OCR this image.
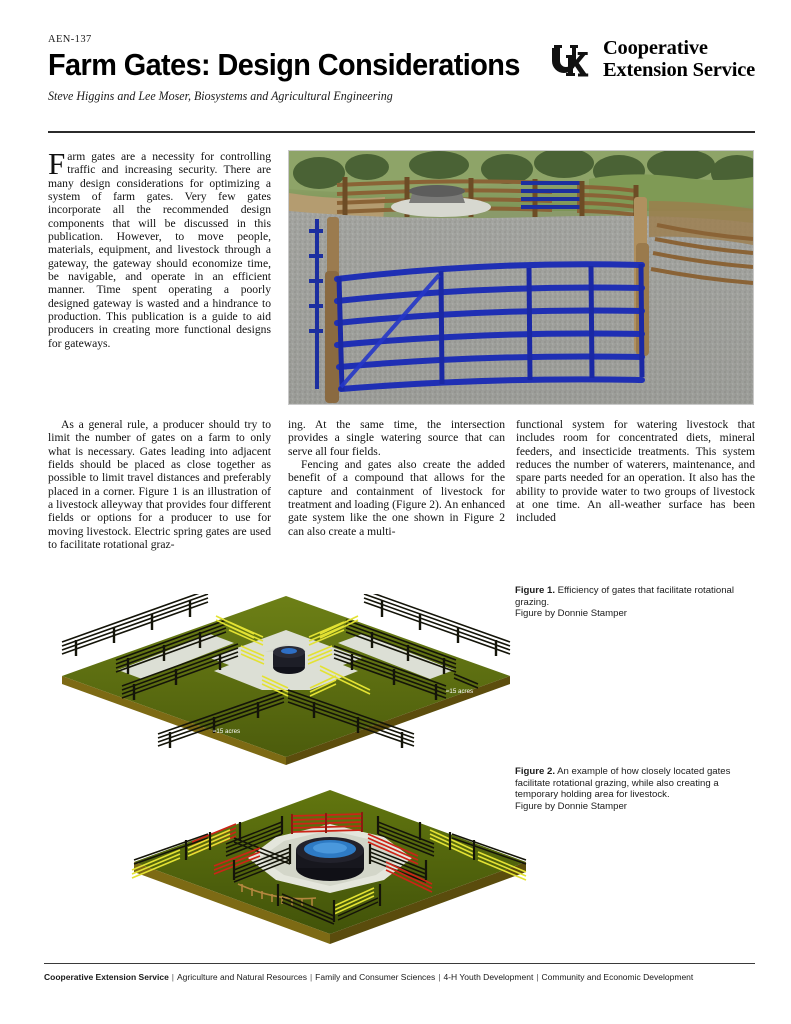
AEN-137
Farm Gates: Design Considerations
Steve Higgins and Lee Moser, Biosystems and Agricultural Engineering
Cooperative
Extension Service

Farm gates are a necessity for controlling traffic and increasing security. There are many design considerations for optimizing a system of farm gates. Very few gates incorporate all the recommended design components that will be discussed in this publication. However, to move people, materials, equipment, and livestock through a gateway, the gateway should economize time, be navigable, and operate in an efficient manner. Time spent operating a poorly designed gateway is wasted and a hindrance to production. This publication is a guide to aid producers in creating more functional designs for gateways.

As a general rule, a producer should try to limit the number of gates on a farm to only what is necessary. Gates leading into adjacent fields should be placed as close together as possible to limit travel distances and preferably placed in a corner. Figure 1 is an illustration of a livestock alleyway that provides four different fields or options for a producer to use for moving livestock. Electric spring gates are used to facilitate rotational graz-

ing. At the same time, the intersection provides a single watering source that can serve all four fields.

Fencing and gates also create the added benefit of a compound that allows for the capture and containment of livestock for treatment and loading (Figure 2). An enhanced gate system like the one shown in Figure 2 can also create a multi-

functional system for watering livestock that includes room for concentrated diets, mineral feeders, and insecticide treatments. This system reduces the number of waterers, maintenance, and spare parts needed for an operation. It also has the ability to provide water to two groups of livestock at one time. An all-weather surface has been included

≈15 acres
≈15 acres
≈15 acres
≈15 acres
Figure 1. Efficiency of gates that facilitate rotational grazing.
Figure by Donnie Stamper
Figure 2. An example of how closely located gates facilitate rotational grazing, while also creating a temporary holding area for livestock.
Figure by Donnie Stamper
Cooperative Extension Service | Agriculture and Natural Resources | Family and Consumer Sciences | 4-H Youth Development | Community and Economic Development
